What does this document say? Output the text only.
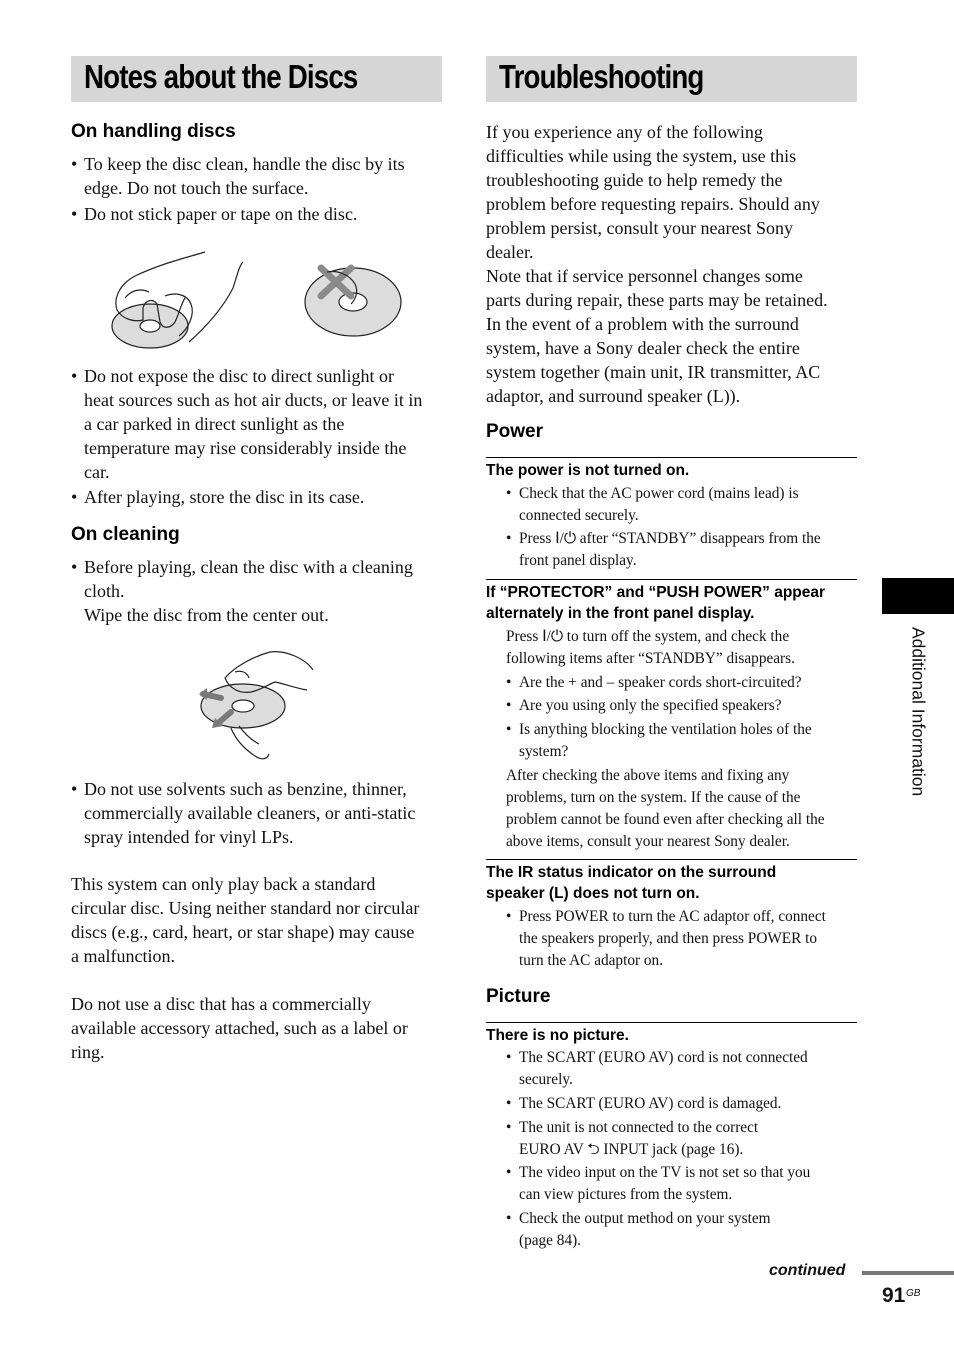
Notes about the Discs
On handling discs
• To keep the disc clean, handle the disc by its
edge. Do not touch the surface.
• Do not stick paper or tape on the disc.
• Do not expose the disc to direct sunlight or
heat sources such as hot air ducts, or leave it in
a car parked in direct sunlight as the
temperature may rise considerably inside the
car.
• After playing, store the disc in its case.
On cleaning
• Before playing, clean the disc with a cleaning
cloth.
Wipe the disc from the center out.
• Do not use solvents such as benzine, thinner,
commercially available cleaners, or anti-static
spray intended for vinyl LPs.
This system can only play back a standard
circular disc. Using neither standard nor circular
discs (e.g., card, heart, or star shape) may cause
a malfunction.
Do not use a disc that has a commercially
available accessory attached, such as a label or
ring.
Troubleshooting
If you experience any of the following
difficulties while using the system, use this
troubleshooting guide to help remedy the
problem before requesting repairs. Should any
problem persist, consult your nearest Sony
dealer.
Note that if service personnel changes some
parts during repair, these parts may be retained.
In the event of a problem with the surround
system, have a Sony dealer check the entire
system together (main unit, IR transmitter, AC
adaptor, and surround speaker (L)).
Power
The power is not turned on.
• Check that the AC power cord (mains lead) is
connected securely.
• Press Ⅰ/⏻ after “STANDBY” disappears from the
front panel display.
If “PROTECTOR” and “PUSH POWER” appear
alternately in the front panel display.
Press Ⅰ/⏻ to turn off the system, and check the
following items after “STANDBY” disappears.
• Are the + and – speaker cords short-circuited?
• Are you using only the specified speakers?
• Is anything blocking the ventilation holes of the
system?
After checking the above items and fixing any
problems, turn on the system. If the cause of the
problem cannot be found even after checking all the
above items, consult your nearest Sony dealer.
The IR status indicator on the surround
speaker (L) does not turn on.
• Press POWER to turn the AC adaptor off, connect
the speakers properly, and then press POWER to
turn the AC adaptor on.
Picture
There is no picture.
• The SCART (EURO AV) cord is not connected
securely.
• The SCART (EURO AV) cord is damaged.
• The unit is not connected to the correct
EURO AV ⮌ INPUT jack (page 16).
• The video input on the TV is not set so that you
can view pictures from the system.
• Check the output method on your system
(page 84).
Additional Information
continued
91 GB
